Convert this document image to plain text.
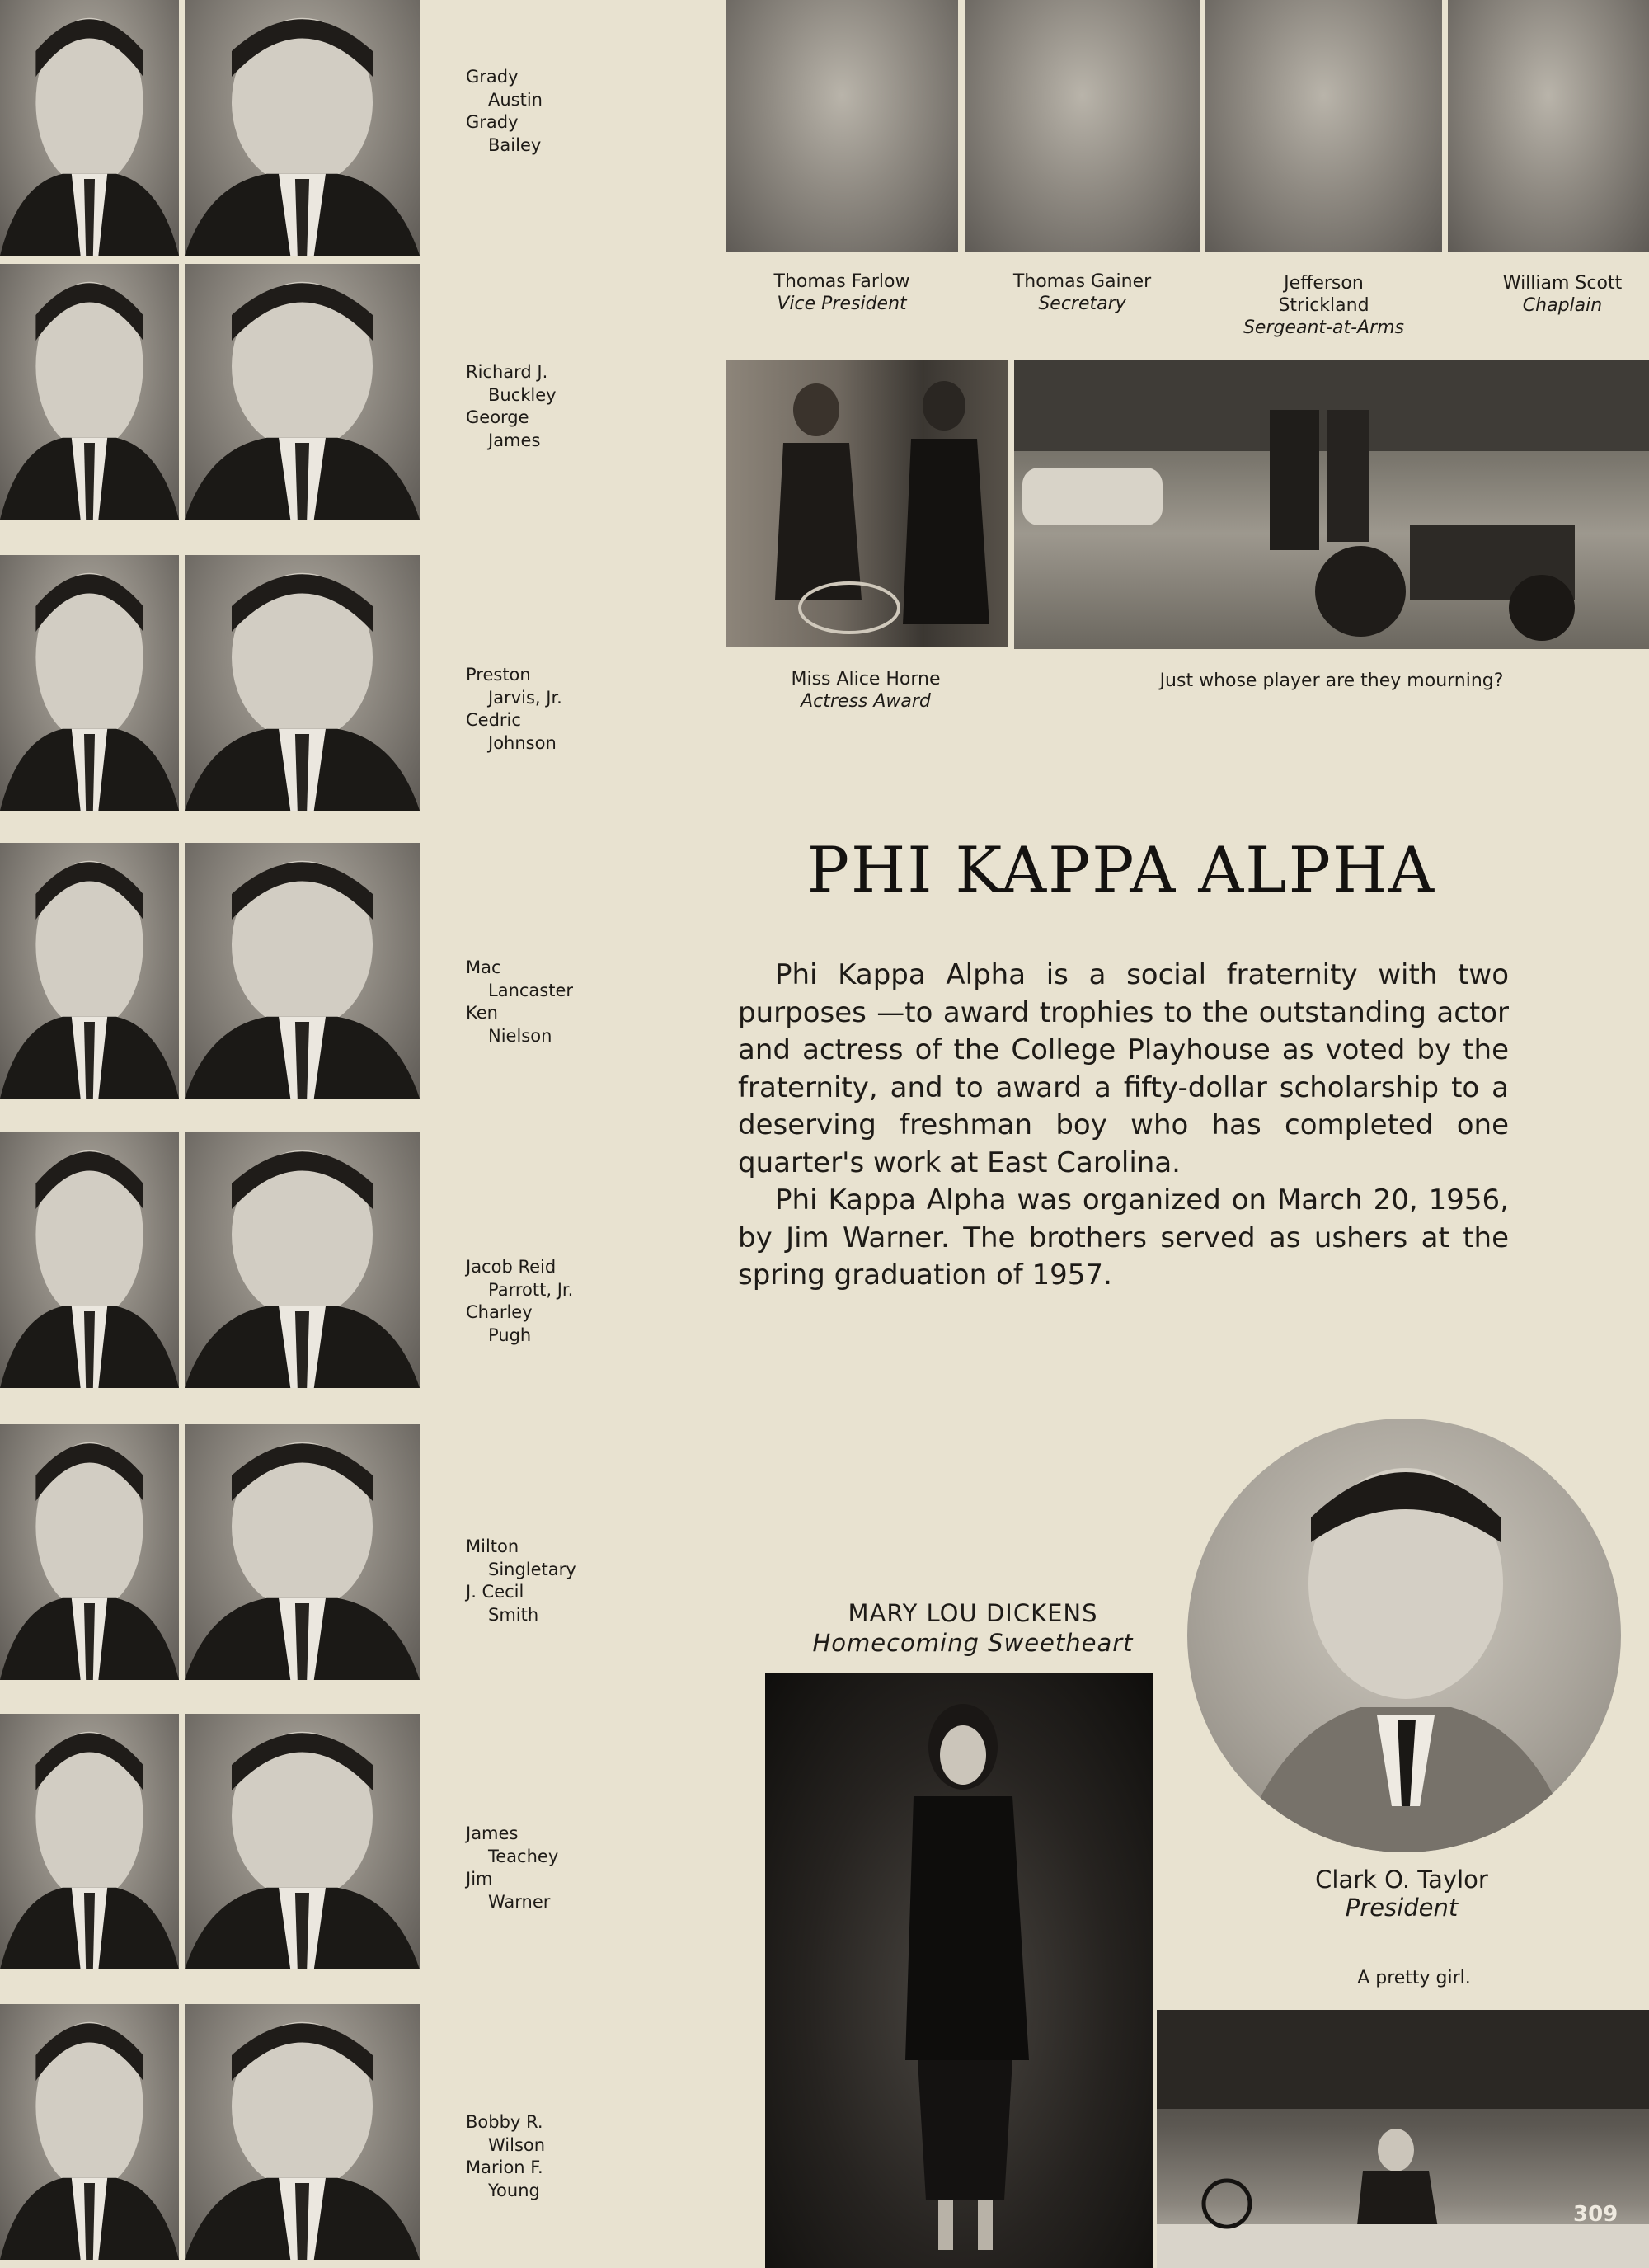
Grady
Austin
Grady
Bailey
Richard J.
Buckley
George
James
Preston
Jarvis, Jr.
Cedric
Johnson
Mac
Lancaster
Ken
Nielson
Jacob Reid
Parrott, Jr.
Charley
Pugh
Milton
Singletary
J. Cecil
Smith
James
Teachey
Jim
Warner
Bobby R.
Wilson
Marion F.
Young
Thomas Farlow
Vice President
Thomas Gainer
Secretary
Jefferson
Strickland
Sergeant-at-Arms
William Scott
Chaplain
Miss Alice Horne
Actress Award
Just whose player are they mourning?
PHI KAPPA ALPHA

Phi Kappa Alpha is a social fraternity with two purposes —to award trophies to the outstanding actor and actress of the College Playhouse as voted by the fraternity, and to award a fifty-dollar scholarship to a deserving freshman boy who has completed one quarter's work at East Carolina.

Phi Kappa Alpha was organized on March 20, 1956, by Jim Warner. The brothers served as ushers at the spring graduation of 1957.

MARY LOU DICKENS
Homecoming Sweetheart
Clark O. Taylor
President
A pretty girl.
309
